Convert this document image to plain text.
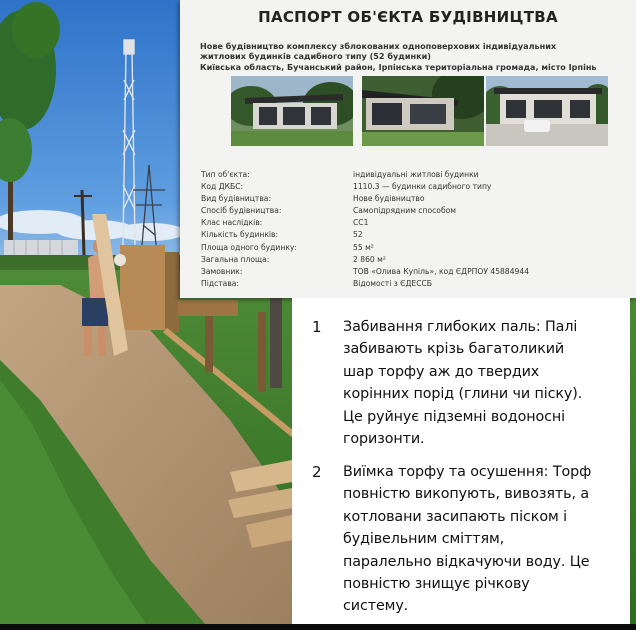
ПАСПОРТ ОБ'ЄКТА БУДІВНИЦТВА
Нове будівництво комплексу зблокованих одноповерхових індивідуальних
житлових будинків садибного типу (52 будинки)
Київська область, Бучанський район, Ірпінська територіальна громада, місто Ірпінь
Тип об'єкта:	індивідуальні житлові будинки
Код ДКБС:	1110.3 — будинки садибного типу
Вид будівництва:	Нове будівництво
Спосіб будівництва:	Самопідрядним способом
Клас наслідків:	СС1
Кількість будинків:	52
Площа одного будинку:	55 м²
Загальна площа:	2 860 м²
Замовник:	ТОВ «Олива Купіль», код ЄДРПОУ 45884944
Підстава:	Відомості з ЄДЕССБ
1 Забивання глибоких паль: Палі
забивають крізь багатоликий
шар торфу аж до твердих
корінних порід (глини чи піску).
Це руйнує підземні водоносні
горизонти.
2 Виїмка торфу та осушення: Торф
повністю викопують, вивозять, а
котловани засипають піском і
будівельним сміттям,
паралельно відкачуючи воду. Це
повністю знищує річкову
систему.
